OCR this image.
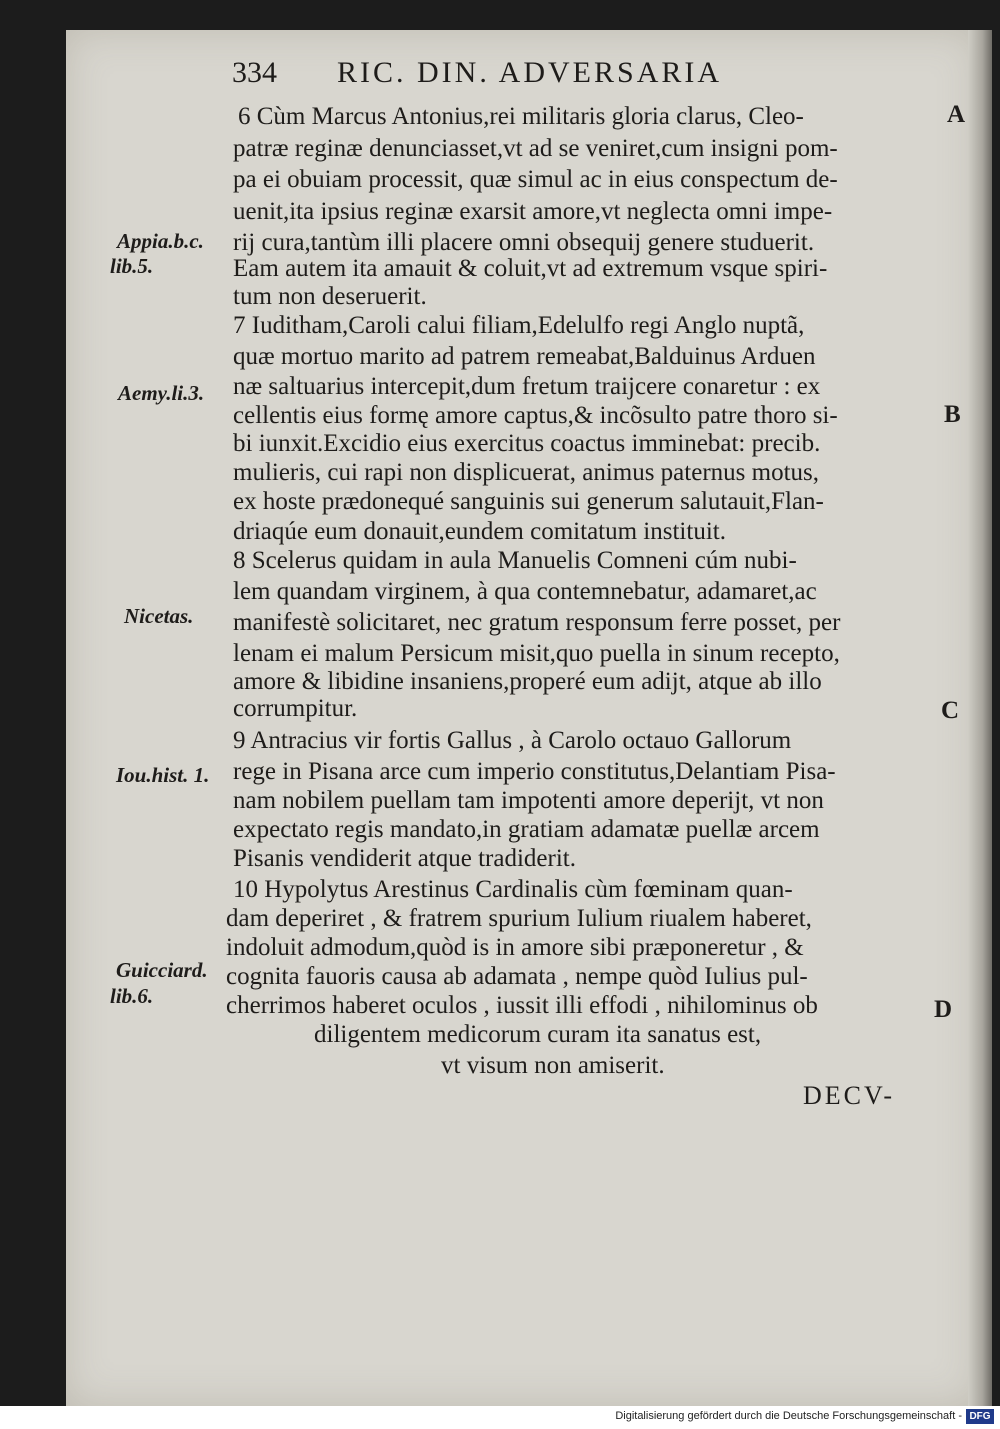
334 RIC. DIN. ADVERSARIA
6 Cùm Marcus Antonius,rei militaris gloria clarus, Cleo-
patræ reginæ denunciasset,vt ad se veniret,cum insigni pom-
pa ei obuiam processit, quæ simul ac in eius conspectum de-
uenit,ita ipsius reginæ exarsit amore,vt neglecta omni impe-
rij cura,tantùm illi placere omni obsequij genere studuerit.
Eam autem ita amauit & coluit,vt ad extremum vsque spiri-
tum non deseruerit.
7 Iuditham,Caroli calui filiam,Edelulfo regi Anglo nuptã,
quæ mortuo marito ad patrem remeabat,Balduinus Arduen
næ saltuarius intercepit,dum fretum traijcere conaretur : ex
cellentis eius formę amore captus,& incõsulto patre thoro si-
bi iunxit.Excidio eius exercitus coactus imminebat: precib.
mulieris, cui rapi non displicuerat, animus paternus motus,
ex hoste prædonequé sanguinis sui generum salutauit,Flan-
driaqúe eum donauit,eundem comitatum instituit.
8 Scelerus quidam in aula Manuelis Comneni cúm nubi-
lem quandam virginem, à qua contemnebatur, adamaret,ac
manifestè solicitaret, nec gratum responsum ferre posset, per
lenam ei malum Persicum misit,quo puella in sinum recepto,
amore & libidine insaniens,properé eum adijt, atque ab illo
corrumpitur.
9 Antracius vir fortis Gallus , à Carolo octauo Gallorum
rege in Pisana arce cum imperio constitutus,Delantiam Pisa-
nam nobilem puellam tam impotenti amore deperijt, vt non
expectato regis mandato,in gratiam adamatæ puellæ arcem
Pisanis vendiderit atque tradiderit.
10 Hypolytus Arestinus Cardinalis cùm fœminam quan-
dam deperiret , & fratrem spurium Iulium riualem haberet,
indoluit admodum,quòd is in amore sibi præponeretur , &
cognita fauoris causa ab adamata , nempe quòd Iulius pul-
cherrimos haberet oculos , iussit illi effodi , nihilominus ob
diligentem medicorum curam ita sanatus est,
vt visum non amiserit.
Appia.b.c.
lib.5.
Aemy.li.3.
Nicetas.
Iou.hist. 1.
Guicciard.
lib.6.
A
B
C
D
DECV-
Digitalisierung gefördert durch die Deutsche Forschungsgemeinschaft - DFG
